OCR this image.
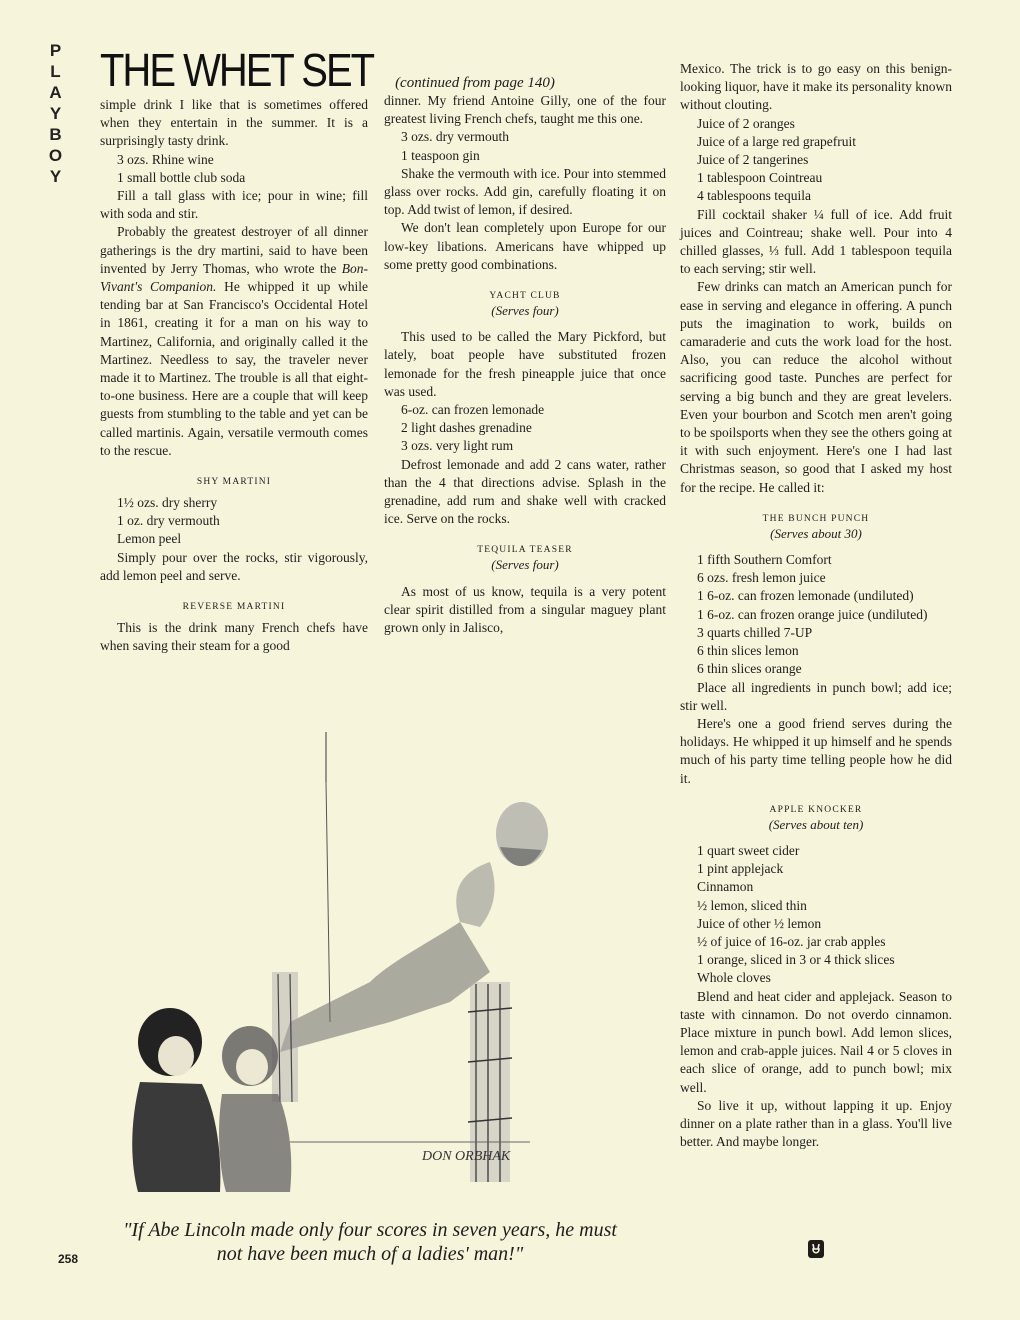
P
L
A
Y
B
O
Y
THE WHET SET (continued from page 140)

simple drink I like that is sometimes offered when they entertain in the summer. It is a surprisingly tasty drink.

3 ozs. Rhine wine

1 small bottle club soda

Fill a tall glass with ice; pour in wine; fill with soda and stir.

Probably the greatest destroyer of all dinner gatherings is the dry martini, said to have been invented by Jerry Thomas, who wrote the Bon-Vivant's Companion. He whipped it up while tending bar at San Francisco's Occidental Hotel in 1861, creating it for a man on his way to Martinez, California, and originally called it the Martinez. Needless to say, the traveler never made it to Martinez. The trouble is all that eight-to-one business. Here are a couple that will keep guests from stumbling to the table and yet can be called martinis. Again, versatile vermouth comes to the rescue.

SHY MARTINI

1½ ozs. dry sherry

1 oz. dry vermouth

Lemon peel

Simply pour over the rocks, stir vigorously, add lemon peel and serve.

REVERSE MARTINI

This is the drink many French chefs have when saving their steam for a good

dinner. My friend Antoine Gilly, one of the four greatest living French chefs, taught me this one.

3 ozs. dry vermouth

1 teaspoon gin

Shake the vermouth with ice. Pour into stemmed glass over rocks. Add gin, carefully floating it on top. Add twist of lemon, if desired.

We don't lean completely upon Europe for our low-key libations. Americans have whipped up some pretty good combinations.

YACHT CLUB
(Serves four)

This used to be called the Mary Pickford, but lately, boat people have substituted frozen lemonade for the fresh pineapple juice that once was used.

6-oz. can frozen lemonade

2 light dashes grenadine

3 ozs. very light rum

Defrost lemonade and add 2 cans water, rather than the 4 that directions advise. Splash in the grenadine, add rum and shake well with cracked ice. Serve on the rocks.

TEQUILA TEASER
(Serves four)

As most of us know, tequila is a very potent clear spirit distilled from a singular maguey plant grown only in Jalisco,

Mexico. The trick is to go easy on this benign-looking liquor, have it make its personality known without clouting.

Juice of 2 oranges

Juice of a large red grapefruit

Juice of 2 tangerines

1 tablespoon Cointreau

4 tablespoons tequila

Fill cocktail shaker ¼ full of ice. Add fruit juices and Cointreau; shake well. Pour into 4 chilled glasses, ⅓ full. Add 1 tablespoon tequila to each serving; stir well.

Few drinks can match an American punch for ease in serving and elegance in offering. A punch puts the imagination to work, builds on camaraderie and cuts the work load for the host. Also, you can reduce the alcohol without sacrificing good taste. Punches are perfect for serving a big bunch and they are great levelers. Even your bourbon and Scotch men aren't going to be spoilsports when they see the others going at it with such enjoyment. Here's one I had last Christmas season, so good that I asked my host for the recipe. He called it:

THE BUNCH PUNCH
(Serves about 30)

1 fifth Southern Comfort

6 ozs. fresh lemon juice

1 6-oz. can frozen lemonade (undiluted)

1 6-oz. can frozen orange juice (undiluted)

3 quarts chilled 7-UP

6 thin slices lemon

6 thin slices orange

Place all ingredients in punch bowl; add ice; stir well.

Here's one a good friend serves during the holidays. He whipped it up himself and he spends much of his party time telling people how he did it.

APPLE KNOCKER
(Serves about ten)

1 quart sweet cider

1 pint applejack

Cinnamon

½ lemon, sliced thin

Juice of other ½ lemon

½ of juice of 16-oz. jar crab apples

1 orange, sliced in 3 or 4 thick slices

Whole cloves

Blend and heat cider and applejack. Season to taste with cinnamon. Do not overdo cinnamon. Place mixture in punch bowl. Add lemon slices, lemon and crab-apple juices. Nail 4 or 5 cloves in each slice of orange, add to punch bowl; mix well.

So live it up, without lapping it up. Enjoy dinner on a plate rather than in a glass. You'll live better. And maybe longer.

DON ORBHAK
"If Abe Lincoln made only four scores in seven years, he must not have been much of a ladies' man!"
258
